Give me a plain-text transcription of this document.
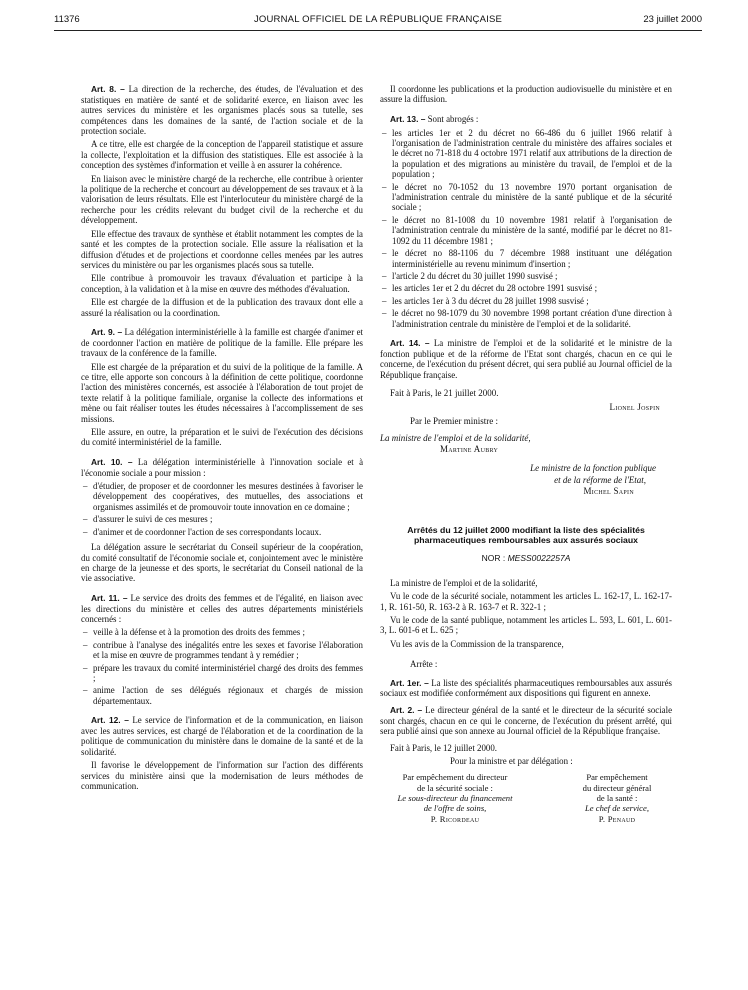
11376	JOURNAL OFFICIEL DE LA RÉPUBLIQUE FRANÇAISE	23 juillet 2000

Art. 8. – La direction de la recherche, des études, de l'évaluation et des statistiques en matière de santé et de solidarité exerce, en liaison avec les autres services du ministère et les organismes placés sous sa tutelle, ses compétences dans les domaines de la santé, de l'action sociale et de la protection sociale.

A ce titre, elle est chargée de la conception de l'appareil statistique et assure la collecte, l'exploitation et la diffusion des statistiques. Elle est associée à la conception des systèmes d'information et veille à en assurer la cohérence.

En liaison avec le ministère chargé de la recherche, elle contribue à orienter la politique de la recherche et concourt au développement de ses travaux et à la valorisation de leurs résultats. Elle est l'interlocuteur du ministère chargé de la recherche pour les crédits relevant du budget civil de la recherche et du développement.

Elle effectue des travaux de synthèse et établit notamment les comptes de la santé et les comptes de la protection sociale. Elle assure la réalisation et la diffusion d'études et de projections et coordonne celles menées par les autres services du ministère ou par les organismes placés sous sa tutelle.

Elle contribue à promouvoir les travaux d'évaluation et participe à la conception, à la validation et à la mise en œuvre des méthodes d'évaluation.

Elle est chargée de la diffusion et de la publication des travaux dont elle a assuré la réalisation ou la coordination.

Art. 9. – La délégation interministérielle à la famille est chargée d'animer et de coordonner l'action en matière de politique de la famille. Elle prépare les travaux de la conférence de la famille.

Elle est chargée de la préparation et du suivi de la politique de la famille. A ce titre, elle apporte son concours à la définition de cette politique, coordonne l'action des ministères concernés, est associée à l'élaboration de tout projet de texte relatif à la politique familiale, organise la collecte des informations et mène ou fait réaliser toutes les études nécessaires à l'accomplissement de ses missions.

Elle assure, en outre, la préparation et le suivi de l'exécution des décisions du comité interministériel de la famille.

Art. 10. – La délégation interministérielle à l'innovation sociale et à l'économie sociale a pour mission :

– d'étudier, de proposer et de coordonner les mesures destinées à favoriser le développement des coopératives, des mutuelles, des associations et organismes assimilés et de promouvoir toute innovation en ce domaine ;
– d'assurer le suivi de ces mesures ;
– d'animer et de coordonner l'action de ses correspondants locaux.

La délégation assure le secrétariat du Conseil supérieur de la coopération, du comité consultatif de l'économie sociale et, conjointement avec le ministère en charge de la jeunesse et des sports, le secrétariat du Conseil national de la vie associative.

Art. 11. – Le service des droits des femmes et de l'égalité, en liaison avec les directions du ministère et celles des autres départements ministériels concernés :

– veille à la défense et à la promotion des droits des femmes ;
– contribue à l'analyse des inégalités entre les sexes et favorise l'élaboration et la mise en œuvre de programmes tendant à y remédier ;
– prépare les travaux du comité interministériel chargé des droits des femmes ;
– anime l'action de ses délégués régionaux et chargés de mission départementaux.

Art. 12. – Le service de l'information et de la communication, en liaison avec les autres services, est chargé de l'élaboration et de la coordination de la politique de communication du ministère dans le domaine de la santé et de la solidarité.

Il favorise le développement de l'information sur l'action des différents services du ministère ainsi que la modernisation de leurs méthodes de communication.

Il coordonne les publications et la production audiovisuelle du ministère et en assure la diffusion.

Art. 13. – Sont abrogés :

– les articles 1er et 2 du décret no 66-486 du 6 juillet 1966 relatif à l'organisation de l'administration centrale du ministère des affaires sociales et le décret no 71-818 du 4 octobre 1971 relatif aux attributions de la direction de la population et des migrations au ministère du travail, de l'emploi et de la population ;
– le décret no 70-1052 du 13 novembre 1970 portant organisation de l'administration centrale du ministère de la santé publique et de la sécurité sociale ;
– le décret no 81-1008 du 10 novembre 1981 relatif à l'organisation de l'administration centrale du ministère de la santé, modifié par le décret no 81-1092 du 11 décembre 1981 ;
– le décret no 88-1106 du 7 décembre 1988 instituant une délégation interministérielle au revenu minimum d'insertion ;
– l'article 2 du décret du 30 juillet 1990 susvisé ;
– les articles 1er et 2 du décret du 28 octobre 1991 susvisé ;
– les articles 1er à 3 du décret du 28 juillet 1998 susvisé ;
– le décret no 98-1079 du 30 novembre 1998 portant création d'une direction à l'administration centrale du ministère de l'emploi et de la solidarité.

Art. 14. – La ministre de l'emploi et de la solidarité et le ministre de la fonction publique et de la réforme de l'Etat sont chargés, chacun en ce qui le concerne, de l'exécution du présent décret, qui sera publié au Journal officiel de la République française.

Fait à Paris, le 21 juillet 2000.
Lionel Jospin
Par le Premier ministre :
La ministre de l'emploi et de la solidarité,
Martine Aubry
Le ministre de la fonction publique
et de la réforme de l'Etat,
Michel Sapin
Arrêtés du 12 juillet 2000 modifiant la liste des spécialités pharmaceutiques remboursables aux assurés sociaux
NOR : MESS0022257A

La ministre de l'emploi et de la solidarité,

Vu le code de la sécurité sociale, notamment les articles L. 162-17, L. 162-17-1, R. 161-50, R. 163-2 à R. 163-7 et R. 322-1 ;

Vu le code de la santé publique, notamment les articles L. 593, L. 601, L. 601-3, L. 601-6 et L. 625 ;

Vu les avis de la Commission de la transparence,

Arrête :

Art. 1er. – La liste des spécialités pharmaceutiques remboursables aux assurés sociaux est modifiée conformément aux dispositions qui figurent en annexe.

Art. 2. – Le directeur général de la santé et le directeur de la sécurité sociale sont chargés, chacun en ce qui le concerne, de l'exécution du présent arrêté, qui sera publié ainsi que son annexe au Journal officiel de la République française.

Fait à Paris, le 12 juillet 2000.

Pour la ministre et par délégation :

Par empêchement du directeur
de la sécurité sociale :
Le sous-directeur du financement
de l'offre de soins,
P. Ricordeau
Par empêchement
du directeur général
de la santé :
Le chef de service,
P. Penaud
